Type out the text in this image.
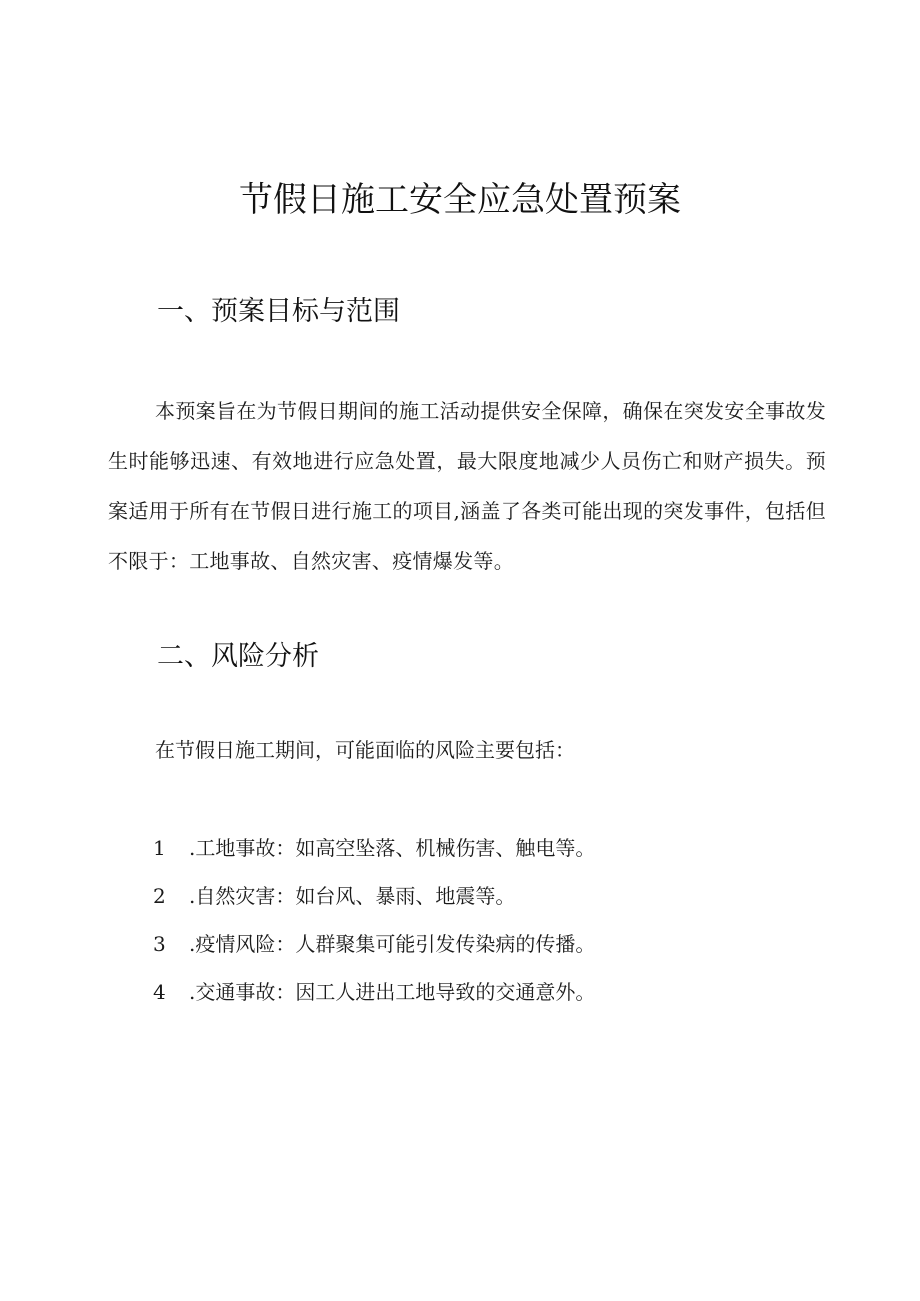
节假日施工安全应急处置预案
一、预案目标与范围

本预案旨在为节假日期间的施工活动提供安全保障，确保在突发安全事故发生时能够迅速、有效地进行应急处置，最大限度地减少人员伤亡和财产损失。预案适用于所有在节假日进行施工的项目,涵盖了各类可能出现的突发事件，包括但不限于：工地事故、自然灾害、疫情爆发等。

二、风险分析

在节假日施工期间，可能面临的风险主要包括：

1 .工地事故：如高空坠落、机械伤害、触电等。
2 .自然灾害：如台风、暴雨、地震等。
3 .疫情风险：人群聚集可能引发传染病的传播。
4 .交通事故：因工人进出工地导致的交通意外。
